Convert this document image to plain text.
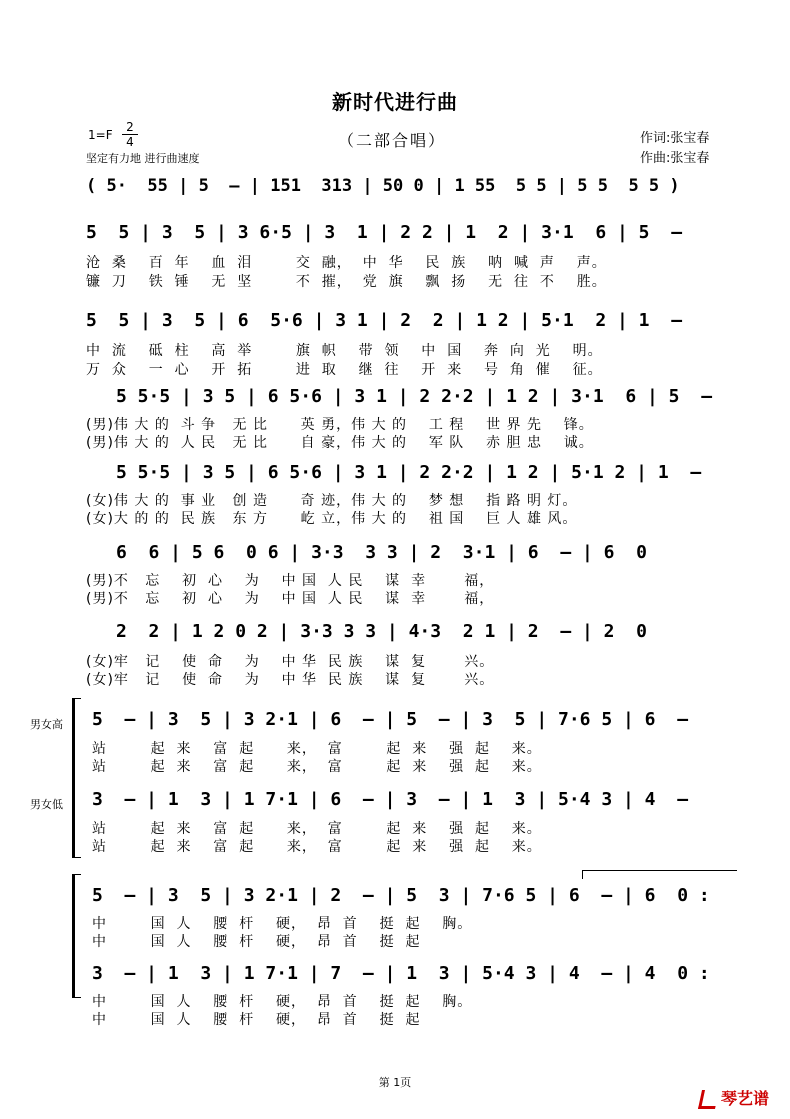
新时代进行曲
（二部合唱）
1=F
2
4
坚定有力地 进行曲速度
作词:张宝春
作曲:张宝春
( 5·  55 | 5  – | 151  313 | 50 0 | 1 55  5 5 | 5 5  5 5 )
5  5 | 3  5 | 3 6·5 | 3  1 | 2 2 | 1  2 | 3·1  6 | 5  –
沧  桑    百  年    血  泪        交  融，  中  华    民  族    呐  喊  声    声。
镰  刀    铁  锤    无  坚        不  摧，  党  旗    飘  扬    无  往  不    胜。
5  5 | 3  5 | 6  5·6 | 3 1 | 2  2 | 1 2 | 5·1  2 | 1  –
中  流    砥  柱    高  举        旗  帜    带  领    中  国    奔  向  光    明。
万  众    一  心    开  拓        进  取    继  往    开  来    号  角  催    征。
5 5·5 | 3 5 | 6 5·6 | 3 1 | 2 2·2 | 1 2 | 3·1  6 | 5  –
(男)伟 大 的  斗 争   无 比      英 勇，伟 大 的    工 程    世 界 先    锋。
(男)伟 大 的  人 民   无 比      自 豪，伟 大 的    军 队    赤 胆 忠    诚。
5 5·5 | 3 5 | 6 5·6 | 3 1 | 2 2·2 | 1 2 | 5·1 2 | 1  –
(女)伟 大 的  事 业   创 造      奇 迹，伟 大 的    梦 想    指 路 明 灯。
(女)大 的 的  民 族   东 方      屹 立，伟 大 的    祖 国    巨 人 雄 风。
6  6 | 5 6  0 6 | 3·3  3 3 | 2  3·1 | 6  – | 6  0
(男)不   忘    初  心    为    中 国  人 民    谋  幸       福，
(男)不   忘    初  心    为    中 国  人 民    谋  幸       福，
2  2 | 1 2 0 2 | 3·3 3 3 | 4·3  2 1 | 2  – | 2  0
(女)牢   记    使  命    为    中 华  民 族    谋  复       兴。
(女)牢   记    使  命    为    中 华  民 族    谋  复       兴。
男女高
男女低
5  – | 3  5 | 3 2·1 | 6  – | 5  – | 3  5 | 7·6 5 | 6  –
站        起  来    富  起      来，  富        起  来    强  起    来。
站        起  来    富  起      来，  富        起  来    强  起    来。
3  – | 1  3 | 1 7·1 | 6  – | 3  – | 1  3 | 5·4 3 | 4  –
站        起  来    富  起      来，  富        起  来    强  起    来。
站        起  来    富  起      来，  富        起  来    强  起    来。
5  – | 3  5 | 3 2·1 | 2  – | 5  3 | 7·6 5 | 6  – | 6  0 :
中        国  人    腰  杆    硬，  昂  首    挺  起    胸。
中        国  人    腰  杆    硬，  昂  首    挺  起
3  – | 1  3 | 1 7·1 | 7  – | 1  3 | 5·4 3 | 4  – | 4  0 :
中        国  人    腰  杆    硬，  昂  首    挺  起    胸。
中        国  人    腰  杆    硬，  昂  首    挺  起
第 1页
琴艺谱
